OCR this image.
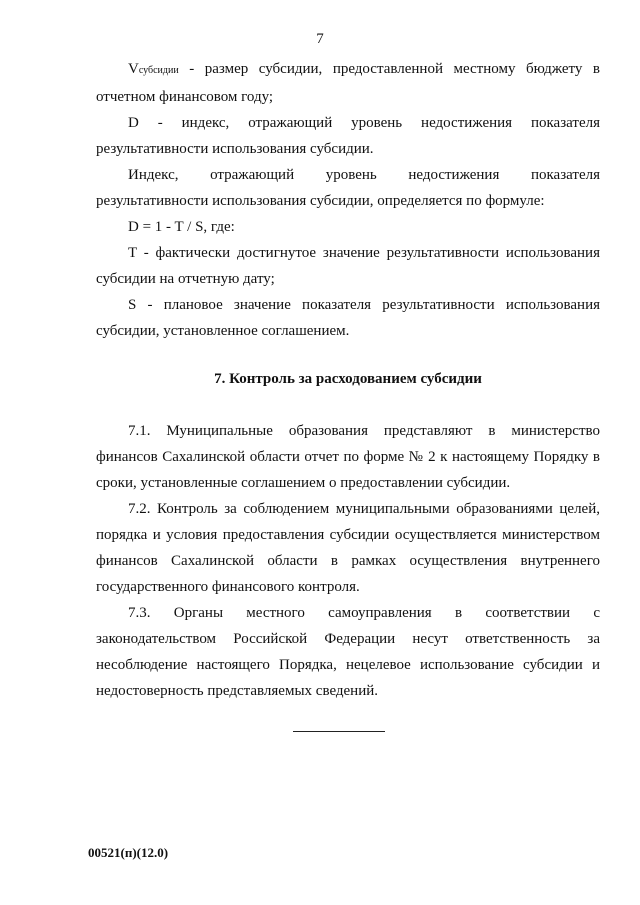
7

Vсубсидии - размер субсидии, предоставленной местному бюджету в отчетном финансовом году;

D - индекс, отражающий уровень недостижения показателя результативности использования субсидии.

Индекс, отражающий уровень недостижения показателя результативности использования субсидии, определяется по формуле:

D = 1 - T / S, где:

T - фактически достигнутое значение результативности использования субсидии на отчетную дату;

S - плановое значение показателя результативности использования субсидии, установленное соглашением.

7. Контроль за расходованием субсидии

7.1. Муниципальные образования представляют в министерство финансов Сахалинской области отчет по форме № 2 к настоящему Порядку в сроки, установленные соглашением о предоставлении субсидии.

7.2. Контроль за соблюдением муниципальными образованиями целей, порядка и условия предоставления субсидии осуществляется министерством финансов Сахалинской области в рамках осуществления внутреннего государственного финансового контроля.

7.3. Органы местного самоуправления в соответствии с законодательством Российской Федерации несут ответственность за несоблюдение настоящего Порядка, нецелевое использование субсидии и недостоверность представляемых сведений.

00521(п)(12.0)
